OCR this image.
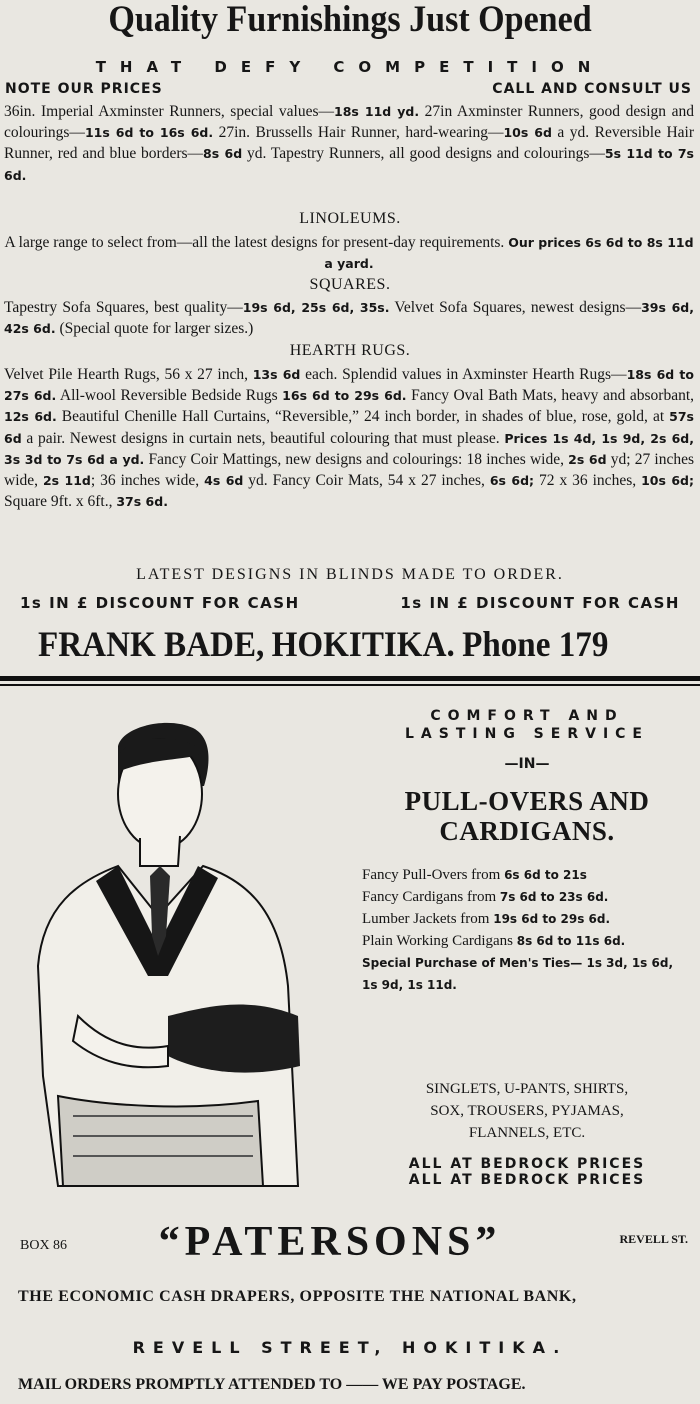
Quality Furnishings Just Opened
THAT DEFY COMPETITION
NOTE OUR PRICES	CALL AND CONSULT US
36in. Imperial Axminster Runners, special values—18s 11d yd. 27in Axminster Runners, good design and colourings—11s 6d to 16s 6d. 27in. Brussells Hair Runner, hard-wearing—10s 6d a yd. Reversible Hair Runner, red and blue borders—8s 6d yd. Tapestry Runners, all good designs and colourings—5s 11d to 7s 6d.
LINOLEUMS.
A large range to select from—all the latest designs for present-day requirements. Our prices 6s 6d to 8s 11d a yard.
SQUARES.
Tapestry Sofa Squares, best quality—19s 6d, 25s 6d, 35s. Velvet Sofa Squares, newest designs—39s 6d, 42s 6d. (Special quote for larger sizes.)
HEARTH RUGS.
Velvet Pile Hearth Rugs, 56 x 27 inch, 13s 6d each. Splendid values in Axminster Hearth Rugs—18s 6d to 27s 6d. All-wool Reversible Bedside Rugs 16s 6d to 29s 6d. Fancy Oval Bath Mats, heavy and absorbant, 12s 6d. Beautiful Chenille Hall Curtains, “Reversible,” 24 inch border, in shades of blue, rose, gold, at 57s 6d a pair. Newest designs in curtain nets, beautiful colouring that must please. Prices 1s 4d, 1s 9d, 2s 6d, 3s 3d to 7s 6d a yd. Fancy Coir Mattings, new designs and colourings: 18 inches wide, 2s 6d yd; 27 inches wide, 2s 11d; 36 inches wide, 4s 6d yd. Fancy Coir Mats, 54 x 27 inches, 6s 6d; 72 x 36 inches, 10s 6d; Square 9ft. x 6ft., 37s 6d.
LATEST DESIGNS IN BLINDS MADE TO ORDER.
1s IN £ DISCOUNT FOR CASH	1s IN £ DISCOUNT FOR CASH
FRANK BADE, HOKITIKA. Phone 179
COMFORT AND
LASTING SERVICE
—IN—
PULL-OVERS AND
CARDIGANS.
Fancy Pull-Overs from 6s 6d to 21s
Fancy Cardigans from 7s 6d to 23s 6d.
Lumber Jackets from 19s 6d to 29s 6d.
Plain Working Cardigans 8s 6d to 11s 6d.
Special Purchase of Men's Ties— 1s 3d, 1s 6d, 1s 9d, 1s 11d.
SINGLETS, U-PANTS, SHIRTS,
SOX, TROUSERS, PYJAMAS,
FLANNELS, ETC.
ALL AT BEDROCK PRICES
ALL AT BEDROCK PRICES
BOX 86	“PATERSONS”	REVELL ST.
THE ECONOMIC CASH DRAPERS, OPPOSITE THE NATIONAL BANK,
REVELL STREET, HOKITIKA.
MAIL ORDERS PROMPTLY ATTENDED TO —— WE PAY POSTAGE.
